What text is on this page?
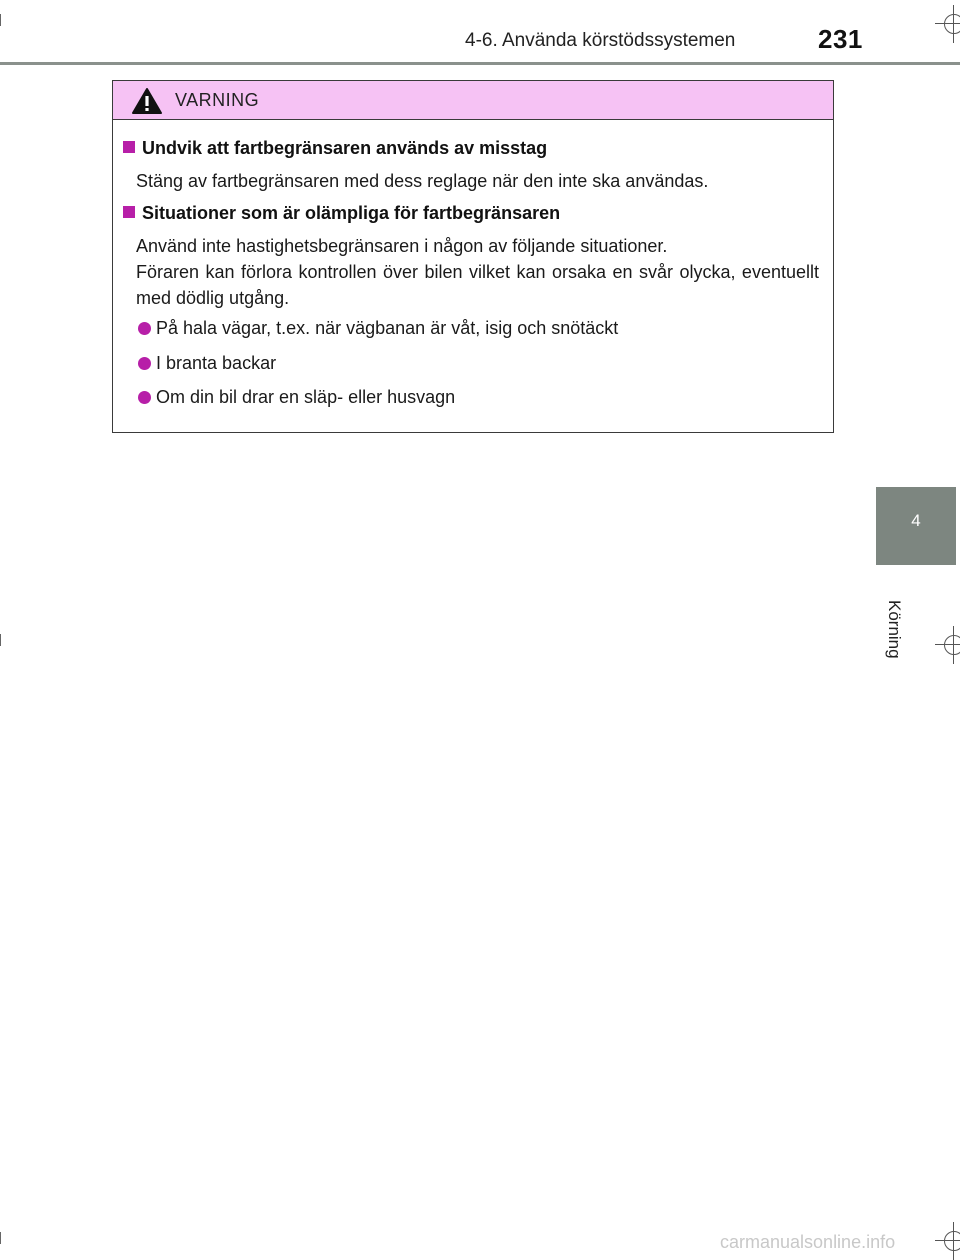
4-6. Använda körstödssystemen	231
4
Körning
VARNING
Undvik att fartbegränsaren används av misstag
Stäng av fartbegränsaren med dess reglage när den inte ska användas.
Situationer som är olämpliga för fartbegränsaren
Använd inte hastighetsbegränsaren i någon av följande situationer.
Föraren kan förlora kontrollen över bilen vilket kan orsaka en svår olycka, eventuellt med dödlig utgång.
På hala vägar, t.ex. när vägbanan är våt, isig och snötäckt
I branta backar
Om din bil drar en släp- eller husvagn
carmanualsonline.info
